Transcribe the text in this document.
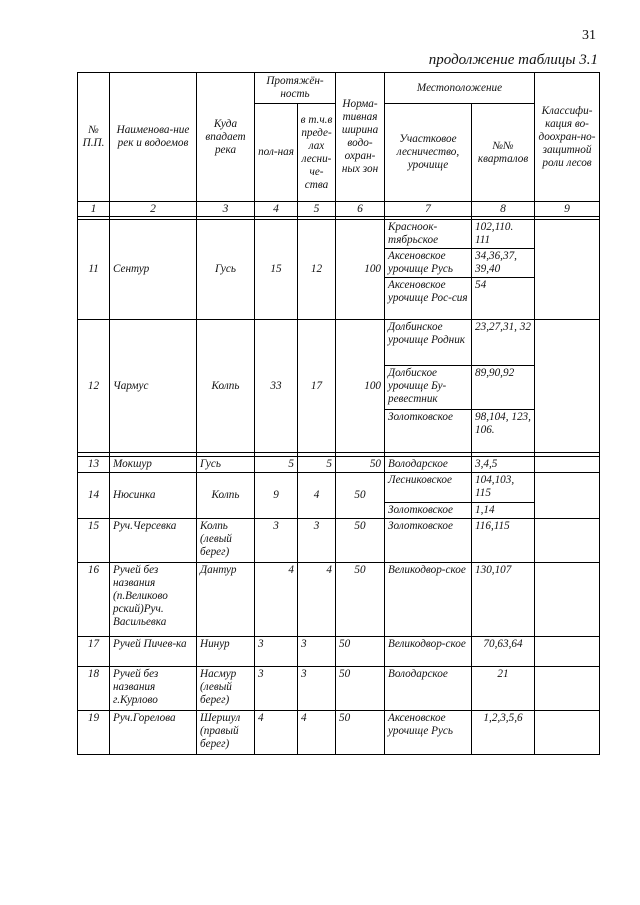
31
продолжение таблицы 3.1
№ П.П.	Наименова-ние рек и водоемов	Куда впадает река	Протяжён-ность		Норма-тивная ширина водо-охран-ных зон	Местоположение		Классифи-кация во-доохран-но-защитной роли лесов
			пол-ная	в т.ч.в преде-лах лесни-че-ства		Участковое лесничество, урочище	№№ кварталов	
1	2	3	4	5	6	7	8	9

11	Сентур	Гусь	15	12	100	Красноок-тябрьское	102,110. 111	
						Аксеновское урочище Русь	34,36,37, 39,40	
						Аксеновское урочище Рос-сия	54	
12	Чармус	Колпь	33	17	100	Долбинское урочище Родник	23,27,31, 32	
						Долбиское урочище Бу-ревестник	89,90,92	
						Золотковское	98,104, 123, 106.	

13	Мокшур	Гусь	5	5	50	Володарское	3,4,5	
14	Нюсинка	Колпь	9	4	50	Лесниковское	104,103, 115	
						Золотковское	1,14	
15	Руч.Черсевка	Колпь (левый берег)	3	3	50	Золотковское	116,115	
16	Ручей без названия (п.Великово рский)Руч. Васильевка	Дантур	4	4	50	Великодвор-ское	130,107	
17	Ручей Пичев-ка	Нинур	3	3	50	Великодвор-ское	70,63,64	
18	Ручей без названия г.Курлово	Насмур (левый берег)	3	3	50	Володарское	21	
19	Руч.Горелова	Шершул (правый берег)	4	4	50	Аксеновское урочище Русь	1,2,3,5,6	
